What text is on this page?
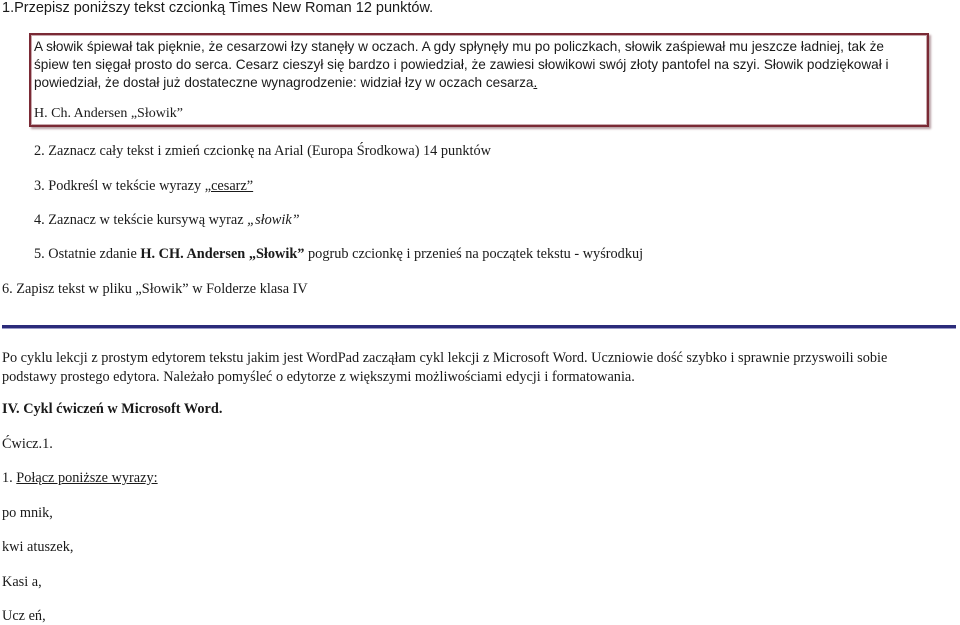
1.Przepisz poniższy tekst czcionką Times New Roman 12 punktów.
A słowik śpiewał tak pięknie, że cesarzowi łzy stanęły w oczach. A gdy spłynęły mu po policzkach, słowik zaśpiewał mu jeszcze ładniej, tak że
śpiew ten sięgał prosto do serca. Cesarz cieszył się bardzo i powiedział, że zawiesi słowikowi swój złoty pantofel na szyi. Słowik podziękował i
powiedział, że dostał już dostateczne wynagrodzenie: widział łzy w oczach cesarza.
H. Ch. Andersen „Słowik”
2. Zaznacz cały tekst i zmień czcionkę na Arial (Europa Środkowa) 14 punktów
3. Podkreśl w tekście wyrazy „cesarz”
4. Zaznacz w tekście kursywą wyraz „słowik”
5. Ostatnie zdanie H. CH. Andersen „Słowik” pogrub czcionkę i przenieś na początek tekstu - wyśrodkuj
6. Zapisz tekst w pliku „Słowik” w Folderze klasa IV
Po cyklu lekcji z prostym edytorem tekstu jakim jest WordPad zacząłam cykl lekcji z Microsoft Word. Uczniowie dość szybko i sprawnie przyswoili sobie podstawy prostego edytora. Należało pomyśleć o edytorze z większymi możliwościami edycji i formatowania.
IV. Cykl ćwiczeń w Microsoft Word.
Ćwicz.1.
1. Połącz poniższe wyrazy:
po mnik,
kwi atuszek,
Kasi a,
Ucz eń,
